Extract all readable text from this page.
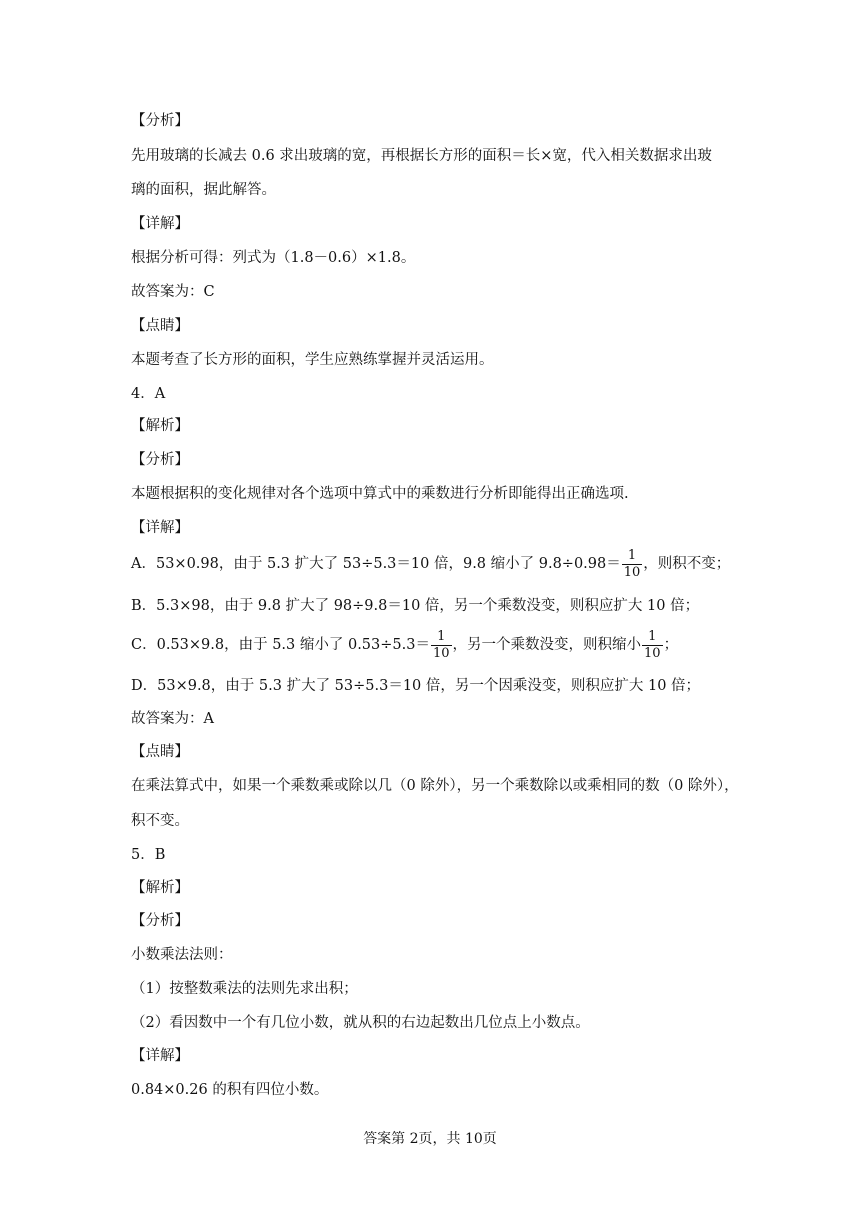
【分析】
先用玻璃的长减去 0.6 求出玻璃的宽，再根据长方形的面积＝长×宽，代入相关数据求出玻
璃的面积，据此解答。
【详解】
根据分析可得：列式为（1.8－0.6）×1.8。
故答案为：C
【点睛】
本题考查了长方形的面积，学生应熟练掌握并灵活运用。
4．A
【解析】
【分析】
本题根据积的变化规律对各个选项中算式中的乘数进行分析即能得出正确选项.
【详解】
A．53×0.98，由于 5.3 扩大了 53÷5.3＝10 倍，9.8 缩小了 $9.8\div 0.98= \frac{1}{10}$ ，则积不变；
B．5.3×98，由于 9.8 扩大了 98÷9.8＝10 倍，另一个乘数没变，则积应扩大 10 倍；
C．0.53×9.8，由于 5.3 缩小了 $0.53\div 5.3= \frac{1}{10}$ ，另一个乘数没变，则积缩小 $\frac{1}{10}$ ；
D．53×9.8，由于 5.3 扩大了 53÷5.3＝10 倍，另一个因乘没变，则积应扩大 10 倍；
故答案为：A
【点睛】
在乘法算式中，如果一个乘数乘或除以几（0 除外），另一个乘数除以或乘相同的数（0 除外），
积不变。
5．B
【解析】
【分析】
小数乘法法则：
（1）按整数乘法的法则先求出积；
（2）看因数中一个有几位小数，就从积的右边起数出几位点上小数点。
【详解】
0.84×0.26 的积有四位小数。
答案第 2页，共 10页
